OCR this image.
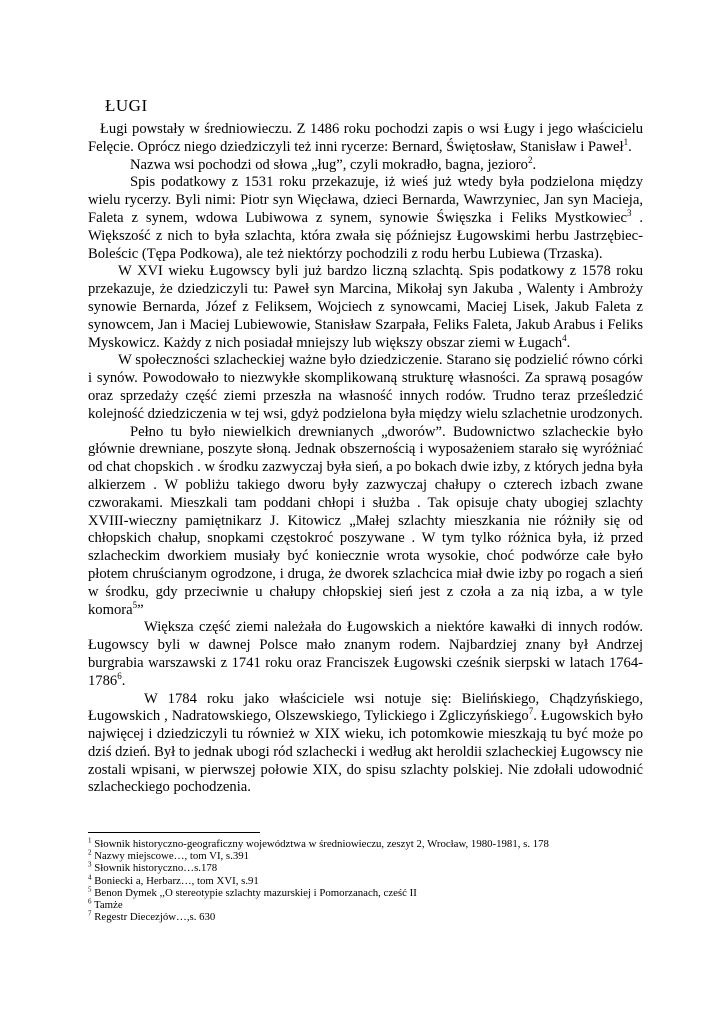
ŁUGI

Ługi powstały w średniowieczu. Z 1486 roku pochodzi zapis o wsi Ługy i jego właścicielu Felęcie. Oprócz niego dziedziczyli też inni rycerze: Bernard, Świętosław, Stanisław i Paweł$^1$.

Nazwa wsi pochodzi od słowa „ług”, czyli mokradło, bagna, jezioro$^2$.

Spis podatkowy z 1531 roku przekazuje, iż wieś już wtedy była podzielona między wielu rycerzy. Byli nimi: Piotr syn Więcława, dzieci Bernarda, Wawrzyniec, Jan syn Macieja, Faleta z synem, wdowa Lubiwowa z synem, synowie Święszka i Feliks Mystkowiec$^3$ . Większość z nich to była szlachta, która zwała się późniejsz Ługowskimi herbu Jastrzębiec-Boleścic (Tępa Podkowa), ale też niektórzy pochodzili z rodu herbu Lubiewa (Trzaska).

W XVI wieku Ługowscy byli już bardzo liczną szlachtą. Spis podatkowy z 1578 roku przekazuje, że dziedziczyli tu: Paweł syn Marcina, Mikołaj syn Jakuba , Walenty i Ambroży synowie Bernarda, Józef z Feliksem, Wojciech z synowcami, Maciej Lisek, Jakub Faleta z synowcem, Jan i Maciej Lubiewowie, Stanisław Szarpała, Feliks Faleta, Jakub Arabus i Feliks Myskowicz. Każdy z nich posiadał mniejszy lub większy obszar ziemi w Ługach$^4$.

W społeczności szlacheckiej ważne było dziedziczenie. Starano się podzielić równo córki i synów. Powodowało to niezwykłe skomplikowaną strukturę własności. Za sprawą posagów oraz sprzedaży część ziemi przeszła na własność innych rodów. Trudno teraz prześledzić kolejność dziedziczenia w tej wsi, gdyż podzielona była między wielu szlachetnie urodzonych.

Pełno tu było niewielkich drewnianych „dworów”. Budownictwo szlacheckie było głównie drewniane, poszyte słoną. Jednak obszernością i wyposażeniem starało się wyróżniać od chat chopskich . w środku zazwyczaj była sień, a po bokach dwie izby, z których jedna była alkierzem . W pobliżu takiego dworu były zazwyczaj chałupy o czterech izbach zwane czworakami. Mieszkali tam poddani chłopi i służba . Tak opisuje chaty ubogiej szlachty XVIII-wieczny pamiętnikarz J. Kitowicz „Małej szlachty mieszkania nie różniły się od chłopskich chałup, snopkami częstokroć poszywane . W tym tylko różnica była, iż przed szlacheckim dworkiem musiały być koniecznie wrota wysokie, choć podwórze całe było płotem chruścianym ogrodzone, i druga, że dworek szlachcica miał dwie izby po rogach a sień w środku, gdy przeciwnie u chałupy chłopskiej sień jest z czoła a za nią izba, a w tyle komora$^5$”

Większa część ziemi należała do Ługowskich a niektóre kawałki di innych rodów. Ługowscy byli w dawnej Polsce mało znanym rodem. Najbardziej znany był Andrzej burgrabia warszawski z 1741 roku oraz Franciszek Ługowski cześnik sierpski w latach 1764-1786$^6$.

W 1784 roku jako właściciele wsi notuje się: Bielińskiego, Chądzyńskiego, Ługowskich , Nadratowskiego, Olszewskiego, Tylickiego i Zgliczyńskiego$^7$. Ługowskich było najwięcej i dziedziczyli tu również w XIX wieku, ich potomkowie mieszkają tu być może po dziś dzień. Był to jednak ubogi ród szlachecki i według akt heroldii szlacheckiej Ługowscy nie zostali wpisani, w pierwszej połowie XIX, do spisu szlachty polskiej. Nie zdołali udowodnić szlacheckiego pochodzenia.

$^1$ Słownik historyczno-geograficzny województwa w średniowieczu, zeszyt 2, Wrocław, 1980-1981, s. 178
$^2$ Nazwy miejscowe…, tom VI, s.391
$^3$ Słownik historyczno…s.178
$^4$ Boniecki a, Herbarz…, tom XVI, s.91
$^5$ Benon Dymek ,,O stereotypie szlachty mazurskiej i Pomorzanach, cześć II
$^6$ Tamże
$^7$ Regestr Diecezjów…,s. 630
